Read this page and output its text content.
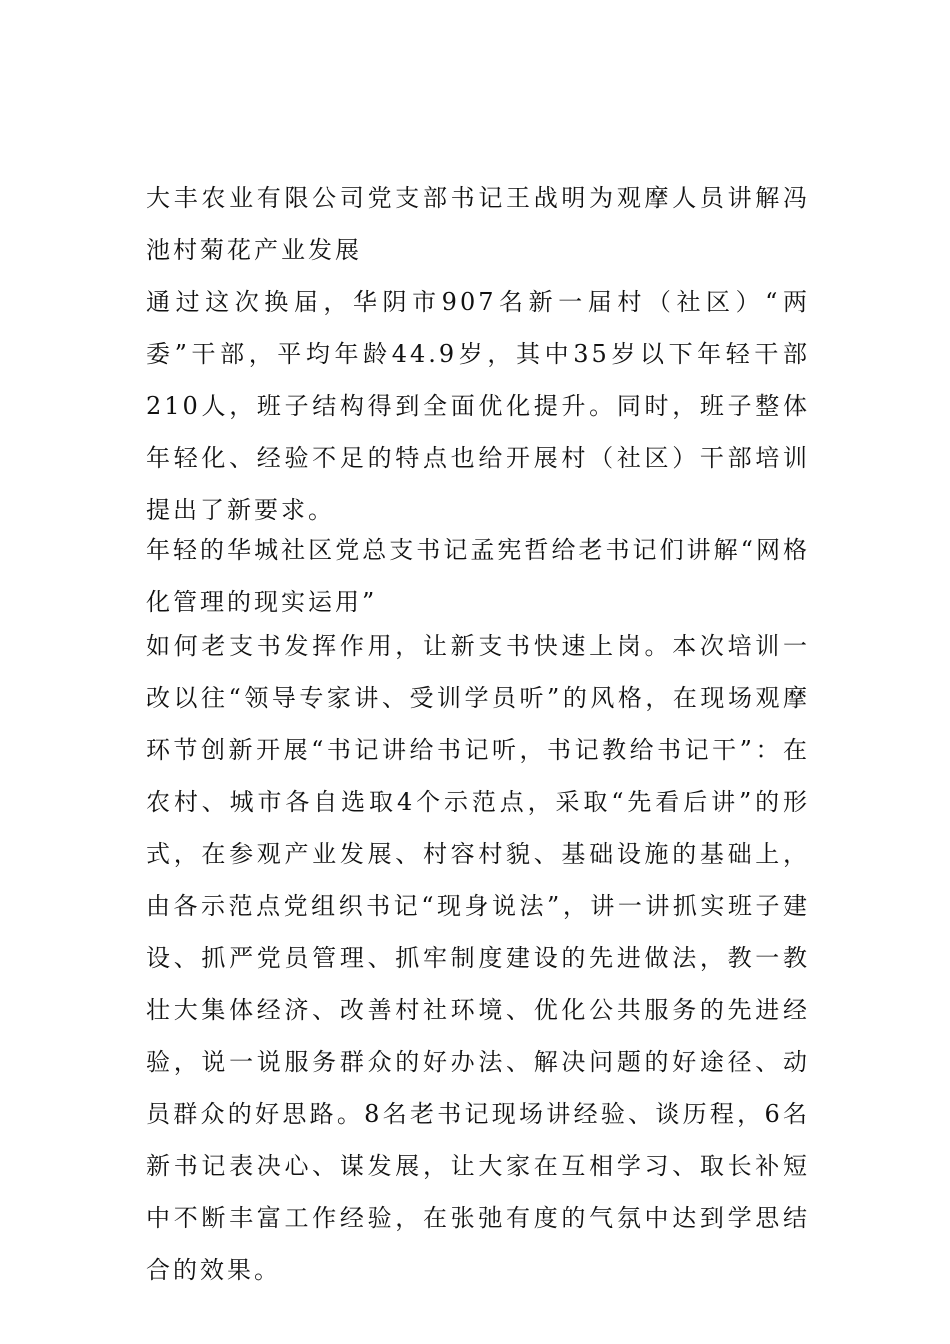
大丰农业有限公司党支部书记王战明为观摩人员讲解冯池村菊花产业发展

通过这次换届，华阴市907名新一届村（社区）“两委”干部，平均年龄44.9岁，其中35岁以下年轻干部210人，班子结构得到全面优化提升。同时，班子整体年轻化、经验不足的特点也给开展村（社区）干部培训提出了新要求。

年轻的华城社区党总支书记孟宪哲给老书记们讲解“网格化管理的现实运用”

如何老支书发挥作用，让新支书快速上岗。本次培训一改以往“领导专家讲、受训学员听”的风格，在现场观摩环节创新开展“书记讲给书记听，书记教给书记干”：在农村、城市各自选取4个示范点，采取“先看后讲”的形式，在参观产业发展、村容村貌、基础设施的基础上，由各示范点党组织书记“现身说法”，讲一讲抓实班子建设、抓严党员管理、抓牢制度建设的先进做法，教一教壮大集体经济、改善村社环境、优化公共服务的先进经验，说一说服务群众的好办法、解决问题的好途径、动员群众的好思路。8名老书记现场讲经验、谈历程，6名新书记表决心、谋发展，让大家在互相学习、取长补短中不断丰富工作经验，在张弛有度的气氛中达到学思结合的效果。
